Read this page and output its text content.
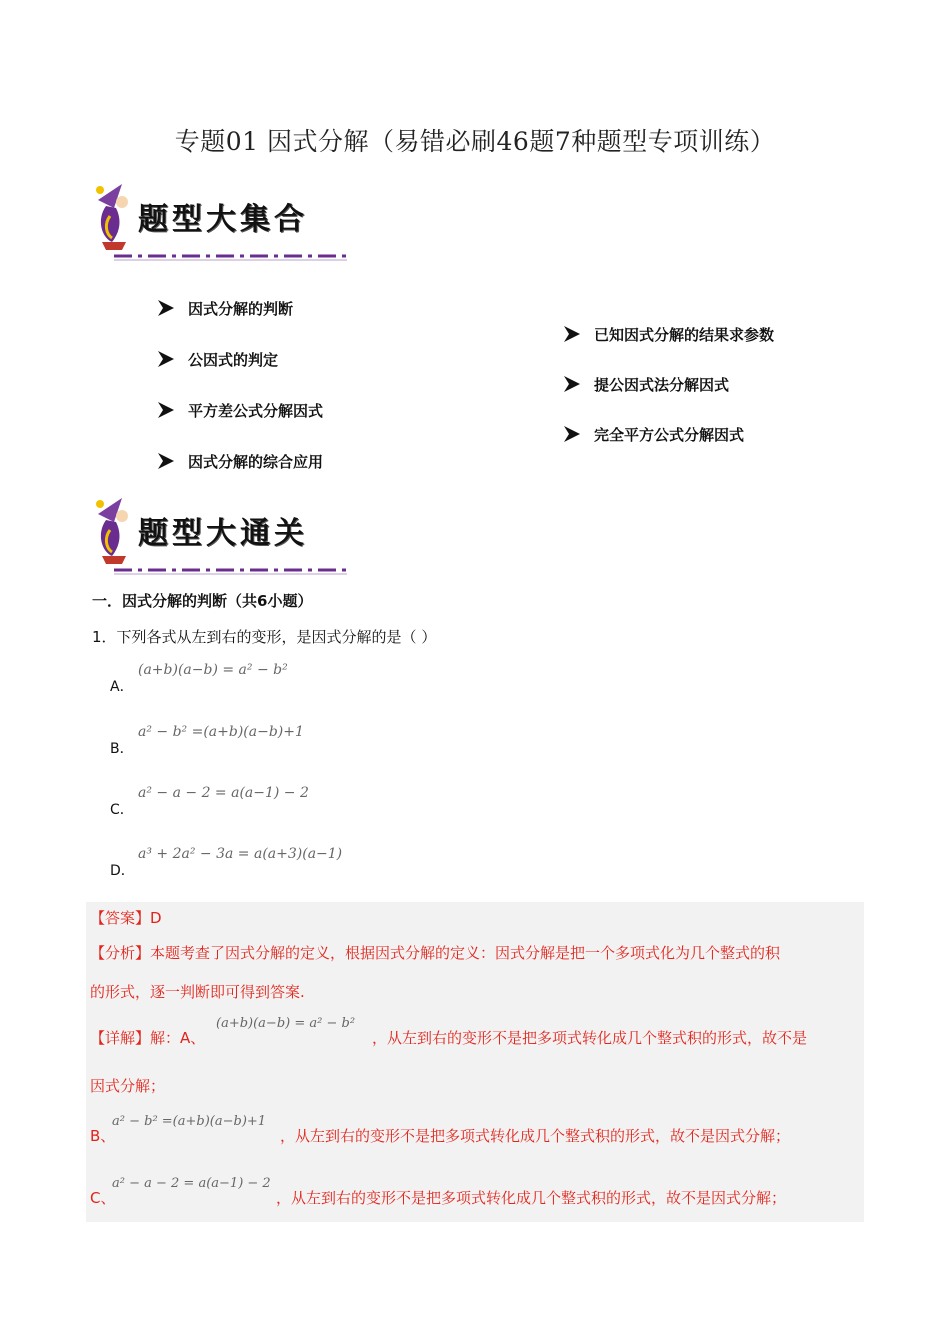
专题01 因式分解（易错必刷46题7种题型专项训练）
题型大集合
因式分解的判断
公因式的判定
平方差公式分解因式
因式分解的综合应用
已知因式分解的结果求参数
提公因式法分解因式
完全平方公式分解因式
题型大通关
一．因式分解的判断（共6小题）
1．下列各式从左到右的变形，是因式分解的是（ ）
(a+b)(a−b) = a² − b²
A．
a² − b² =(a+b)(a−b)+1
B．
a² − a − 2 = a(a−1) − 2
C．
a³ + 2a² − 3a = a(a+3)(a−1)
D．
【答案】D
【分析】本题考查了因式分解的定义，根据因式分解的定义：因式分解是把一个多项式化为几个整式的积
的形式，逐一判断即可得到答案.
【详解】解：A、
(a+b)(a−b) = a² − b²
，从左到右的变形不是把多项式转化成几个整式积的形式，故不是
因式分解；
B、
a² − b² =(a+b)(a−b)+1
，从左到右的变形不是把多项式转化成几个整式积的形式，故不是因式分解；
C、
a² − a − 2 = a(a−1) − 2
，从左到右的变形不是把多项式转化成几个整式积的形式，故不是因式分解；
